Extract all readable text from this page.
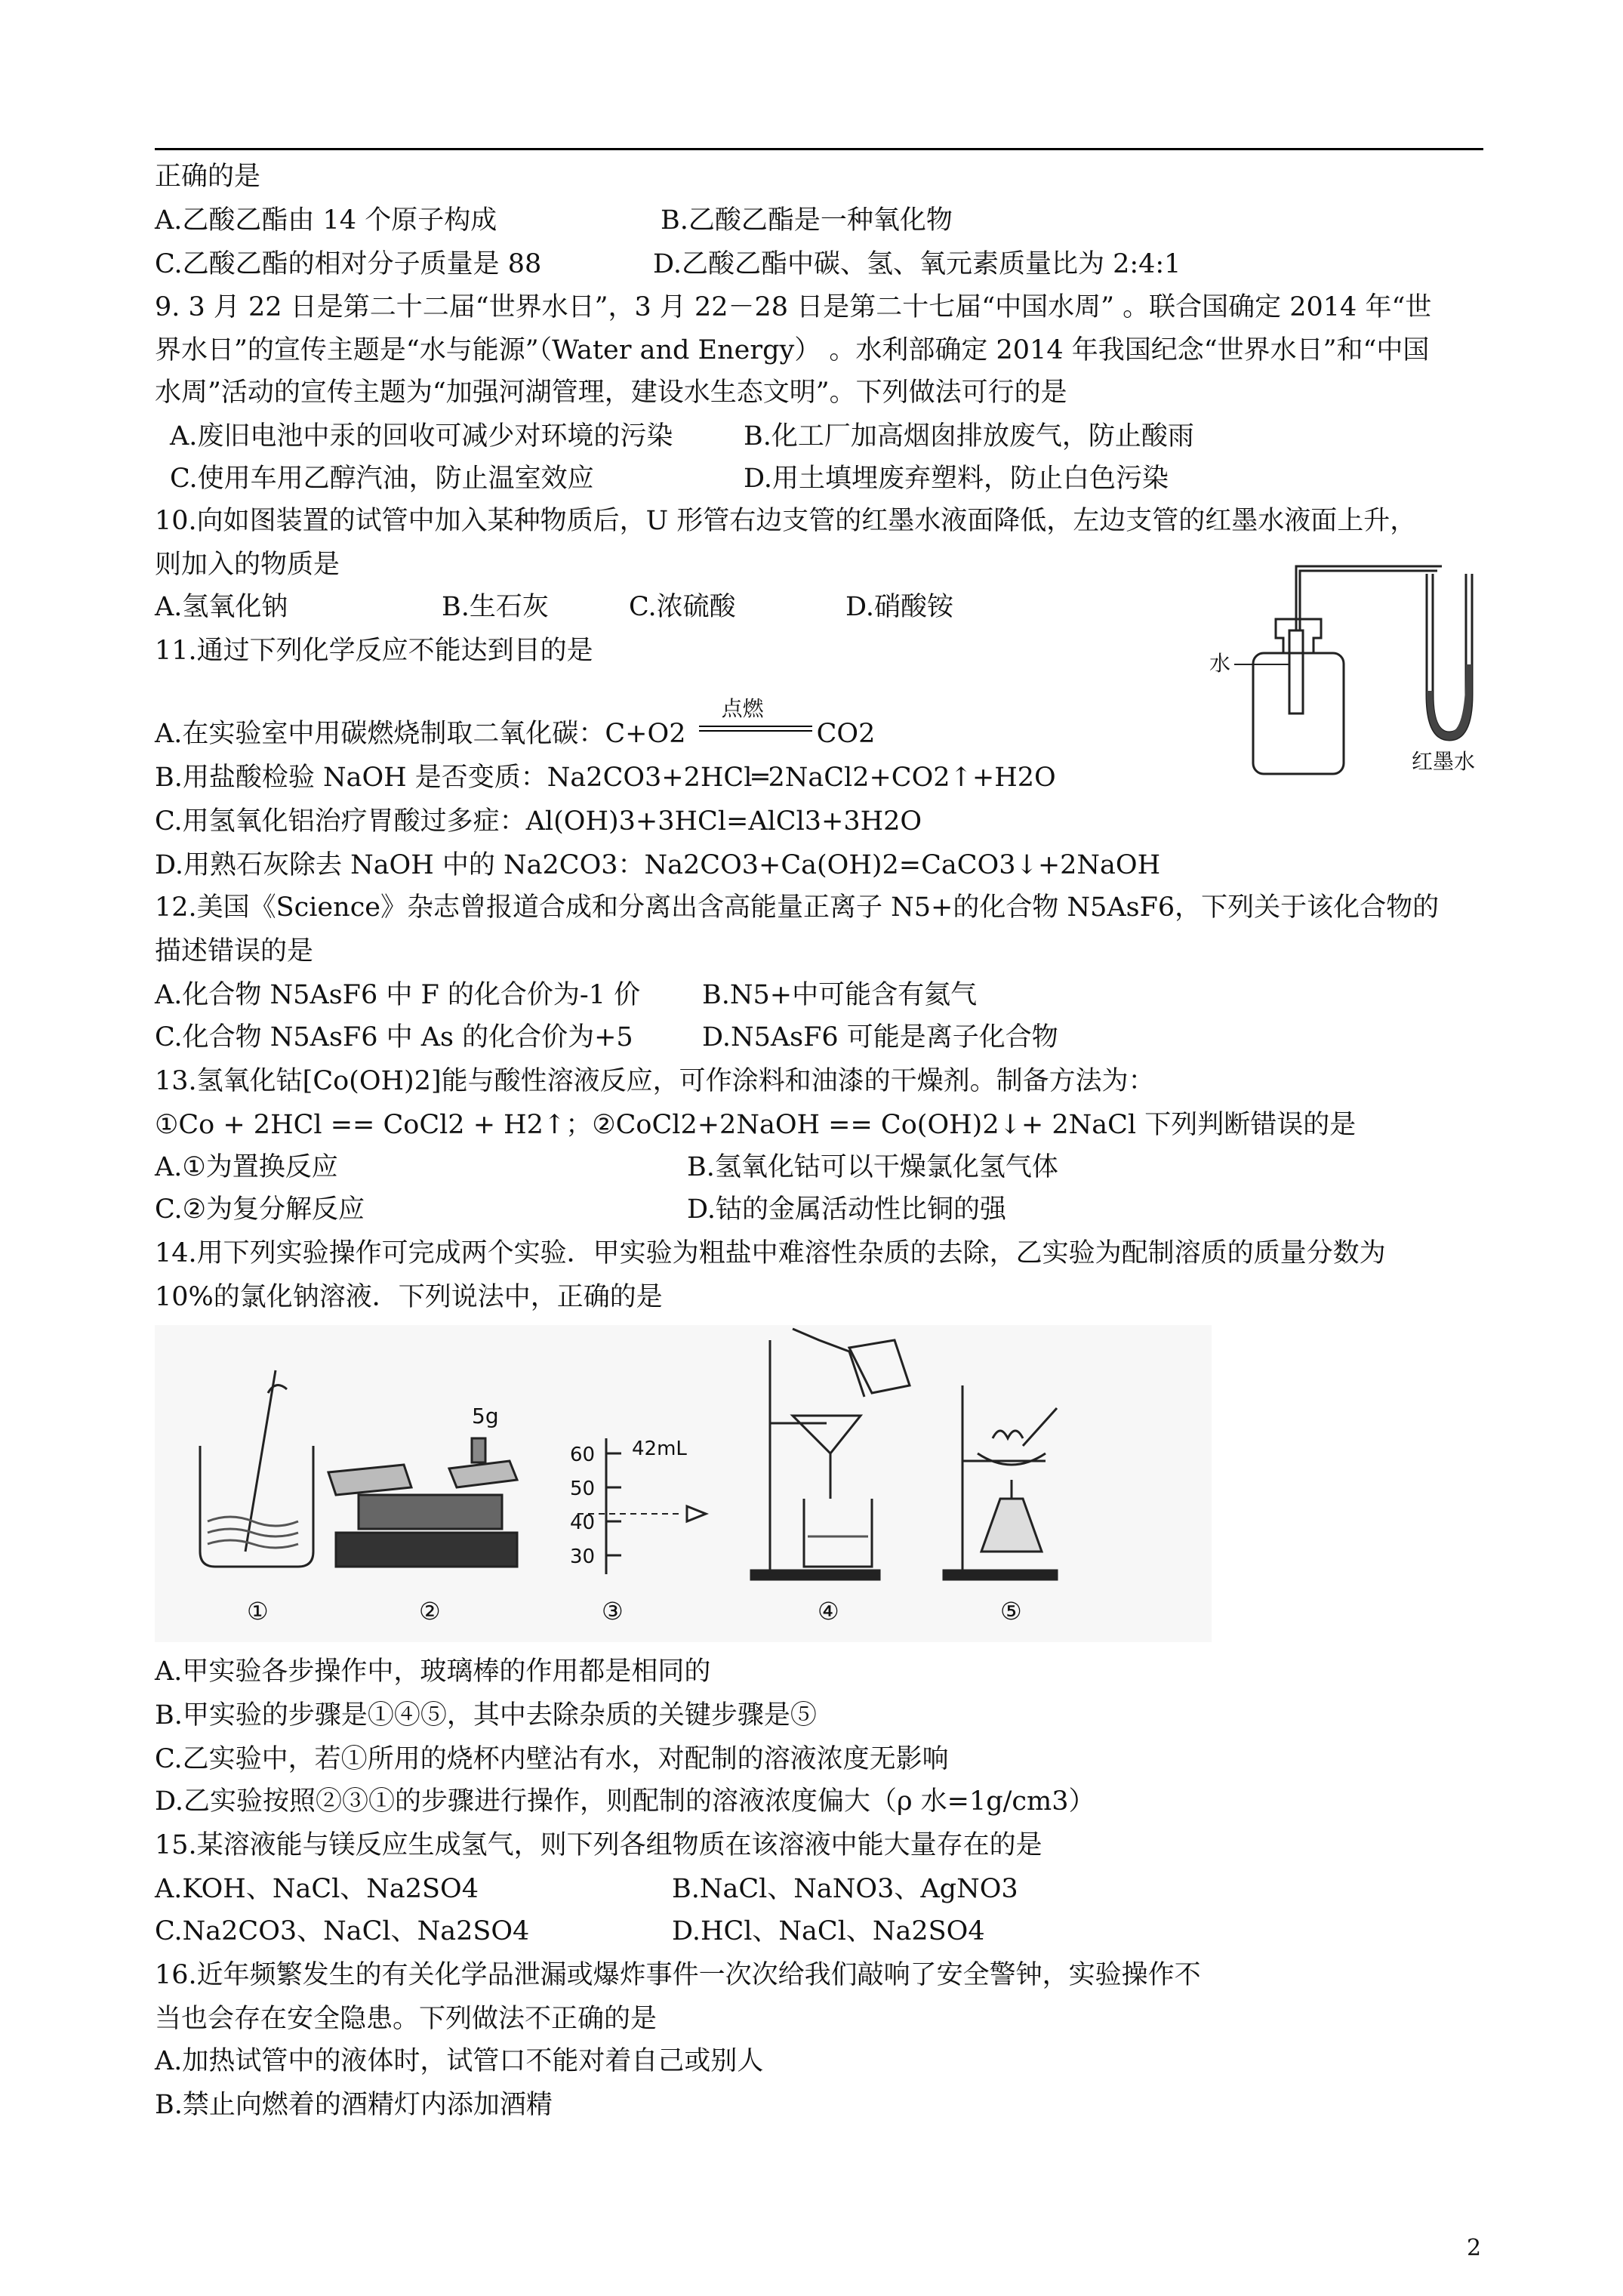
正确的是
A.乙酸乙酯由 14 个原子构成	B.乙酸乙酯是一种氧化物
C.乙酸乙酯的相对分子质量是 88	D.乙酸乙酯中碳、氢、氧元素质量比为 2:4:1
9. 3 月 22 日是第二十二届“世界水日”，3 月 22－28 日是第二十七届“中国水周” 。联合国确定 2014 年“世
界水日”的宣传主题是“水与能源”（Water and Energy） 。水利部确定 2014 年我国纪念“世界水日”和“中国
水周”活动的宣传主题为“加强河湖管理，建设水生态文明”。下列做法可行的是
A.废旧电池中汞的回收可减少对环境的污染	B.化工厂加高烟囱排放废气，防止酸雨
C.使用车用乙醇汽油，防止温室效应	D.用土填埋废弃塑料，防止白色污染
10.向如图装置的试管中加入某种物质后，U 形管右边支管的红墨水液面降低，左边支管的红墨水液面上升，
则加入的物质是
A.氢氧化钠	B.生石灰	C.浓硫酸	D.硝酸铵
水
红墨水
11.通过下列化学反应不能达到目的是
A.在实验室中用碳燃烧制取二氧化碳：C+O2
点燃
CO2
B.用盐酸检验 NaOH 是否变质：Na2CO3+2HCl═2NaCl2+CO2↑+H2O
C.用氢氧化铝治疗胃酸过多症：Al(OH)3+3HCl=AlCl3+3H2O
D.用熟石灰除去 NaOH 中的 Na2CO3：Na2CO3+Ca(OH)2=CaCO3↓+2NaOH
12.美国《Science》杂志曾报道合成和分离出含高能量正离子 N5+的化合物 N5AsF6，下列关于该化合物的
描述错误的是
A.化合物 N5AsF6 中 F 的化合价为-1 价 B.N5+中可能含有氦气
C.化合物 N5AsF6 中 As 的化合价为+5	D.N5AsF6 可能是离子化合物
13.氢氧化钴[Co(OH)2]能与酸性溶液反应，可作涂料和油漆的干燥剂。制备方法为：
①Co + 2HCl == CoCl2 + H2↑；②CoCl2+2NaOH == Co(OH)2↓+ 2NaCl 下列判断错误的是
A.①为置换反应	B.氢氧化钴可以干燥氯化氢气体
C.②为复分解反应	D.钴的金属活动性比铜的强
14.用下列实验操作可完成两个实验．甲实验为粗盐中难溶性杂质的去除，乙实验为配制溶质的质量分数为
10%的氯化钠溶液．下列说法中，正确的是
5g
60
50
40
30
42mL
①	②	③	④	⑤
A.甲实验各步操作中，玻璃棒的作用都是相同的
B.甲实验的步骤是①④⑤，其中去除杂质的关键步骤是⑤
C.乙实验中，若①所用的烧杯内壁沾有水，对配制的溶液浓度无影响
D.乙实验按照②③①的步骤进行操作，则配制的溶液浓度偏大（ρ 水=1g/cm3）
15.某溶液能与镁反应生成氢气，则下列各组物质在该溶液中能大量存在的是
A.KOH、NaCl、Na2SO4	B.NaCl、NaNO3、AgNO3
C.Na2CO3、NaCl、Na2SO4	D.HCl、NaCl、Na2SO4
16.近年频繁发生的有关化学品泄漏或爆炸事件一次次给我们敲响了安全警钟，实验操作不
当也会存在安全隐患。下列做法不正确的是
A.加热试管中的液体时，试管口不能对着自己或别人
B.禁止向燃着的酒精灯内添加酒精
2
